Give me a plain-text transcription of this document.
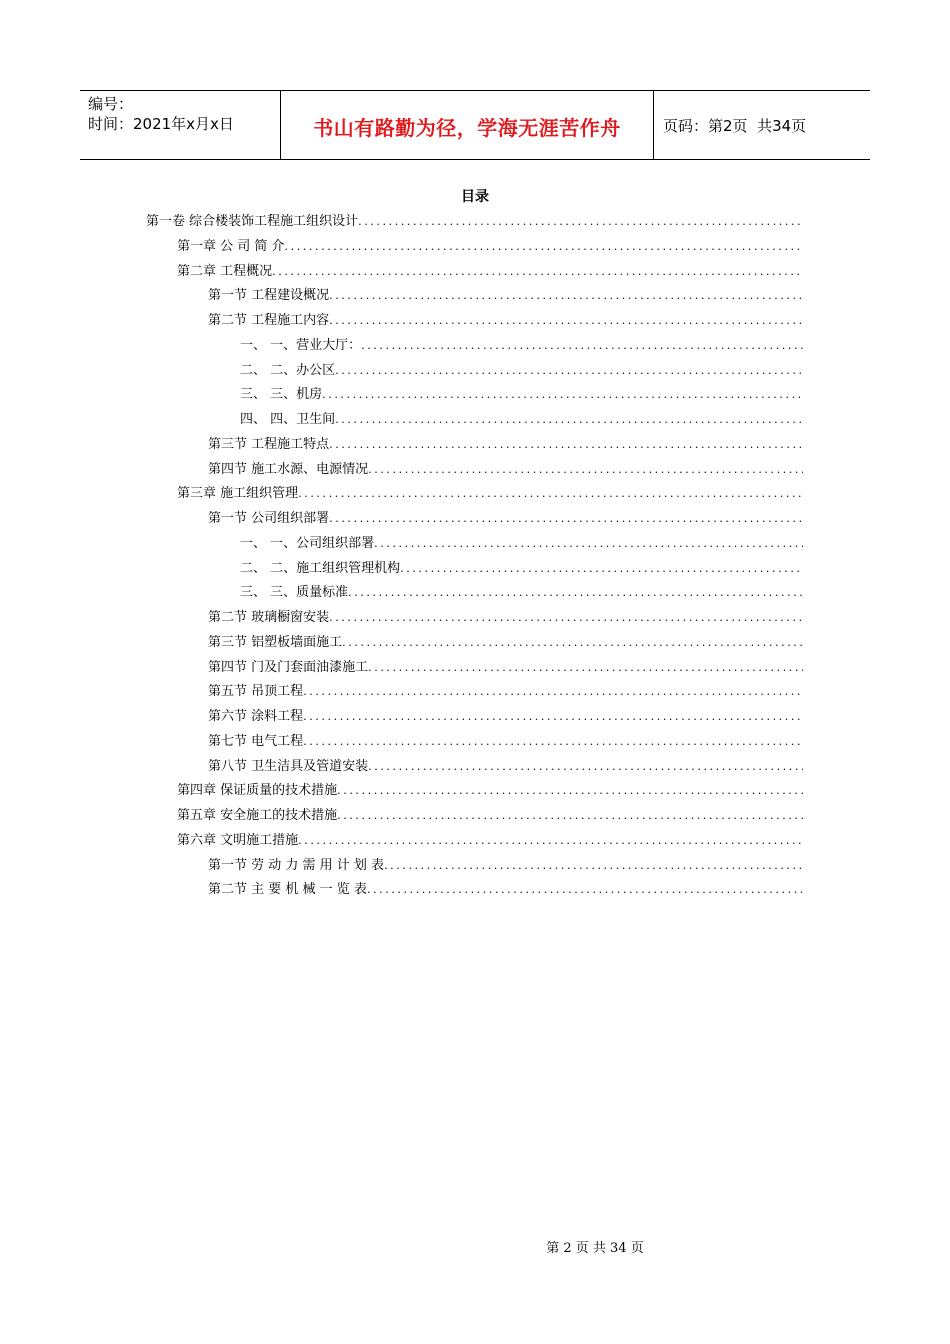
编号：
时间：2021年x月x日	书山有路勤为径，学海无涯苦作舟	页码：第2页  共34页
目录
第一卷 综合楼装饰工程施工组织设计
.....
第一章 公 司 简 介
.....
第二章 工程概况
.....
第一节 工程建设概况
.....
第二节 工程施工内容
.....
一、 一、营业大厅：
.....
二、 二、办公区
.....
三、 三、机房
.....
四、 四、卫生间
.....
第三节 工程施工特点
.....
第四节 施工水源、电源情况
.....
第三章 施工组织管理
.....
第一节 公司组织部署
.....
一、 一、公司组织部署
.....
二、 二、施工组织管理机构
.....
三、 三、质量标准
.....
第二节 玻璃橱窗安装
.....
第三节 铝塑板墙面施工
.....
第四节 门及门套面油漆施工
.....
第五节 吊顶工程
.....
第六节 涂料工程
.....
第七节 电气工程
.....
第八节 卫生洁具及管道安装
.....
第四章 保证质量的技术措施
.....
第五章 安全施工的技术措施
.....
第六章 文明施工措施
.....
第一节 劳 动 力 需 用 计 划 表
.....
第二节 主 要 机 械 一 览 表
.....
第 2 页 共 34 页
